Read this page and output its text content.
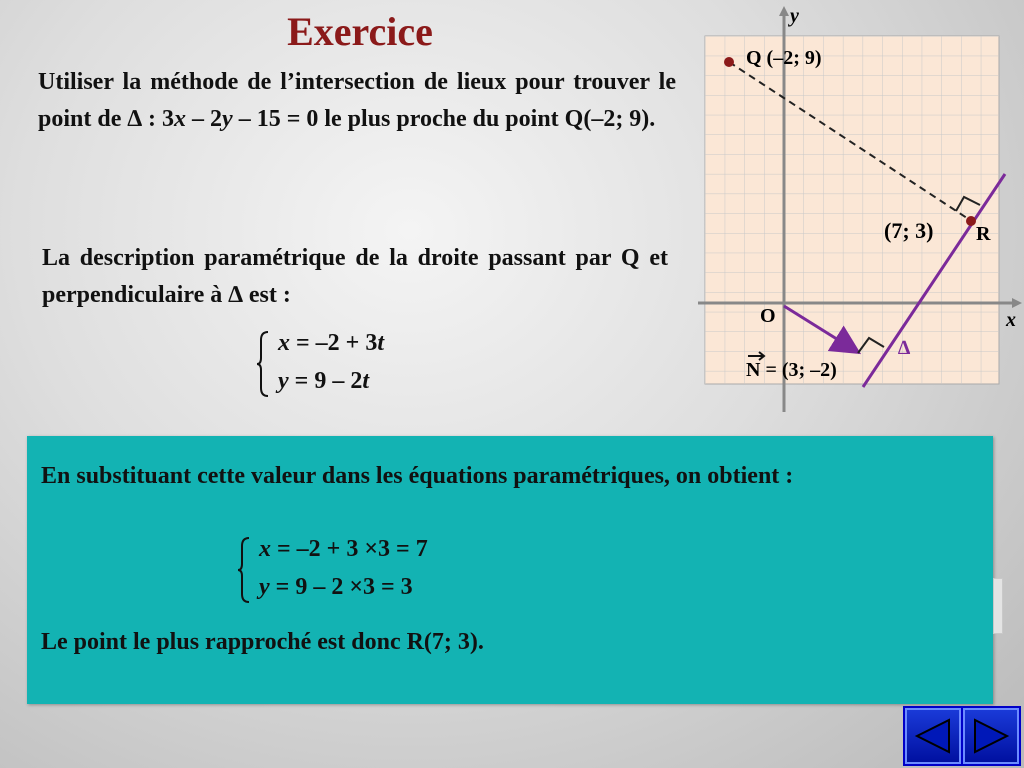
Exercice
Utiliser la méthode de l’intersection de lieux pour trouver le point de ∆ : 3x – 2y – 15 = 0 le plus proche du point Q(–2; 9).
La description paramétrique de la droite passant par Q et perpendiculaire à ∆ est :
x = –2 + 3t
y = 9 – 2t
y
x
O
Q (–2; 9)
R
(7; 3)
∆
N = (3; –2)
En substituant cette valeur dans les équations paramétriques, on obtient :
x = –2 + 3 ×3 = 7
y = 9 – 2 ×3 = 3
Le point le plus rapproché est donc R(7; 3).
